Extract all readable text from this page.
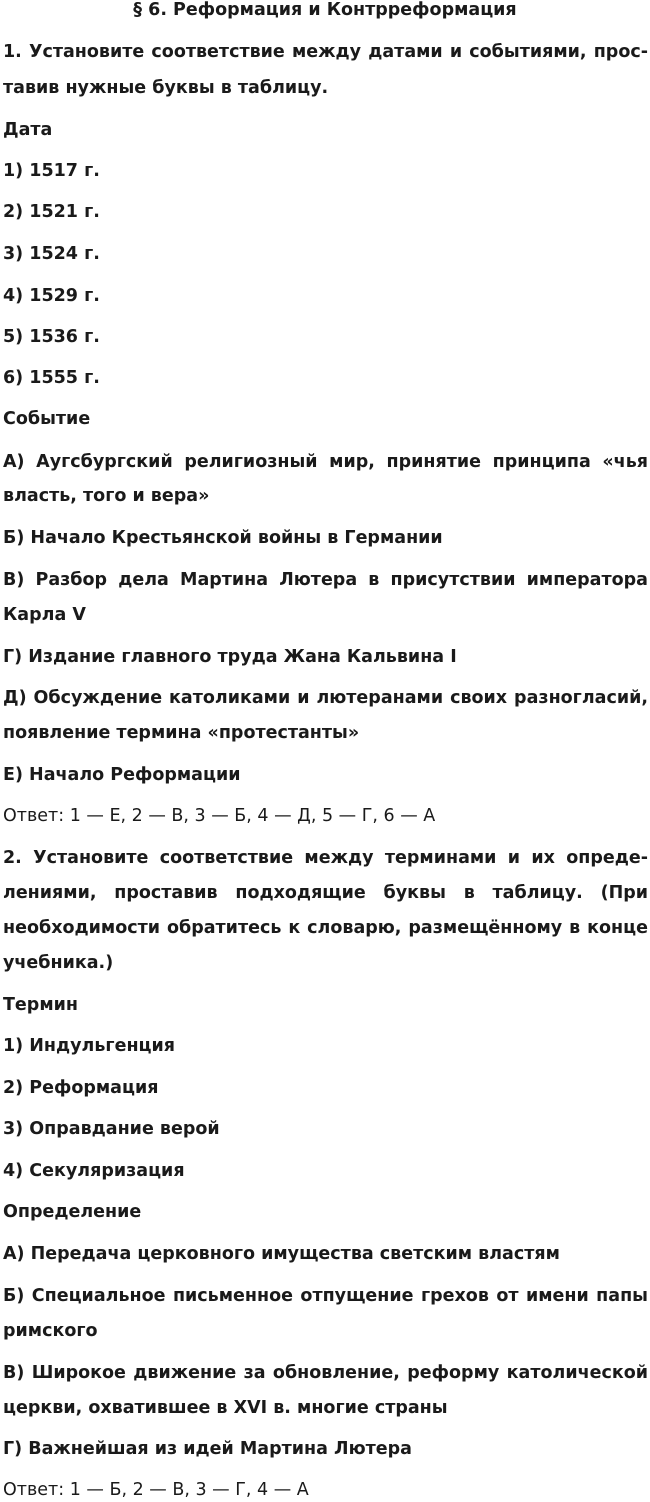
§ 6. Реформация и Контрреформация
1. Установите соответствие между датами и событиями, прос-
тавив нужные буквы в таблицу.
Дата
1) 1517 г.
2) 1521 г.
3) 1524 г.
4) 1529 г.
5) 1536 г.
6) 1555 г.
Событие
А) Аугсбургский религиозный мир, принятие принципа «чья
власть, того и вера»
Б) Начало Крестьянской войны в Германии
В) Разбор дела Мартина Лютера в присутствии императора
Карла V
Г) Издание главного труда Жана Кальвина I
Д) Обсуждение католиками и лютеранами своих разногласий,
появление термина «протестанты»
Е) Начало Реформации
Ответ: 1 — Е, 2 — В, 3 — Б, 4 — Д, 5 — Г, 6 — А
2. Установите соответствие между терминами и их опреде-
лениями, проставив подходящие буквы в таблицу. (При
необходимости обратитесь к словарю, размещённому в конце
учебника.)
Термин
1) Индульгенция
2) Реформация
3) Оправдание верой
4) Секуляризация
Определение
А) Передача церковного имущества светским властям
Б) Специальное письменное отпущение грехов от имени папы
римского
В) Широкое движение за обновление, реформу католической
церкви, охватившее в XVI в. многие страны
Г) Важнейшая из идей Мартина Лютера
Ответ: 1 — Б, 2 — В, 3 — Г, 4 — А
